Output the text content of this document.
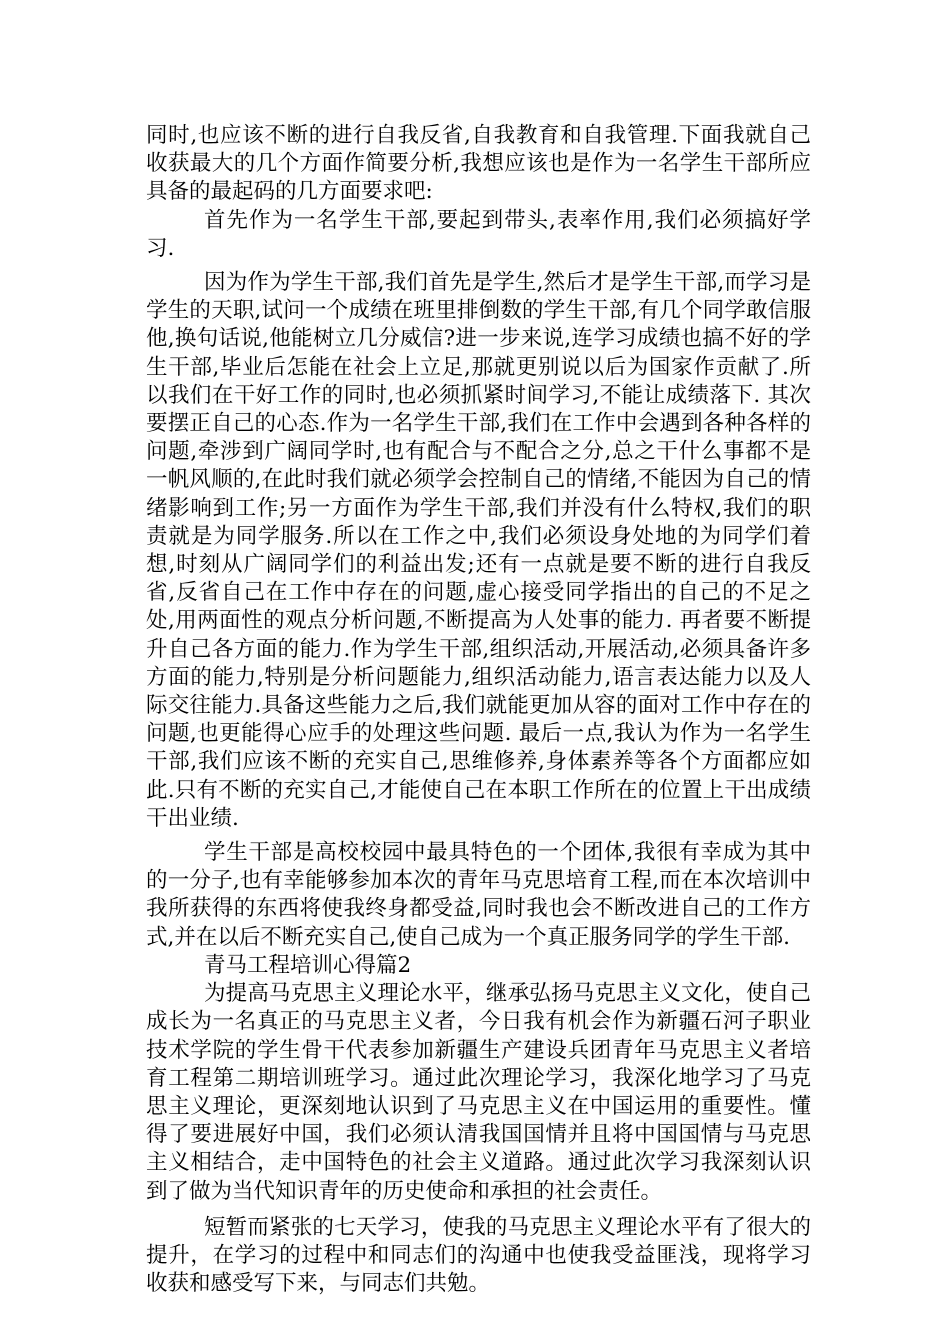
同时,也应该不断的进行自我反省,自我教育和自我管理.下面我就自己收获最大的几个方面作简要分析,我想应该也是作为一名学生干部所应具备的最起码的几方面要求吧:

首先作为一名学生干部,要起到带头,表率作用,我们必须搞好学习.

因为作为学生干部,我们首先是学生,然后才是学生干部,而学习是学生的天职,试问一个成绩在班里排倒数的学生干部,有几个同学敢信服他,换句话说,他能树立几分威信?进一步来说,连学习成绩也搞不好的学生干部,毕业后怎能在社会上立足,那就更别说以后为国家作贡献了.所以我们在干好工作的同时,也必须抓紧时间学习,不能让成绩落下. 其次要摆正自己的心态.作为一名学生干部,我们在工作中会遇到各种各样的问题,牵涉到广阔同学时,也有配合与不配合之分,总之干什么事都不是一帆风顺的,在此时我们就必须学会控制自己的情绪,不能因为自己的情绪影响到工作;另一方面作为学生干部,我们并没有什么特权,我们的职责就是为同学服务.所以在工作之中,我们必须设身处地的为同学们着想,时刻从广阔同学们的利益出发;还有一点就是要不断的进行自我反省,反省自己在工作中存在的问题,虚心接受同学指出的自己的不足之处,用两面性的观点分析问题,不断提高为人处事的能力. 再者要不断提升自己各方面的能力.作为学生干部,组织活动,开展活动,必须具备许多方面的能力,特别是分析问题能力,组织活动能力,语言表达能力以及人际交往能力.具备这些能力之后,我们就能更加从容的面对工作中存在的问题,也更能得心应手的处理这些问题. 最后一点,我认为作为一名学生干部,我们应该不断的充实自己,思维修养,身体素养等各个方面都应如此.只有不断的充实自己,才能使自己在本职工作所在的位置上干出成绩干出业绩.

学生干部是高校校园中最具特色的一个团体,我很有幸成为其中的一分子,也有幸能够参加本次的青年马克思培育工程,而在本次培训中我所获得的东西将使我终身都受益,同时我也会不断改进自己的工作方式,并在以后不断充实自己,使自己成为一个真正服务同学的学生干部.

青马工程培训心得篇2

为提高马克思主义理论水平，继承弘扬马克思主义文化，使自己成长为一名真正的马克思主义者，今日我有机会作为新疆石河子职业技术学院的学生骨干代表参加新疆生产建设兵团青年马克思主义者培育工程第二期培训班学习。通过此次理论学习，我深化地学习了马克思主义理论，更深刻地认识到了马克思主义在中国运用的重要性。懂得了要进展好中国，我们必须认清我国国情并且将中国国情与马克思主义相结合，走中国特色的社会主义道路。通过此次学习我深刻认识到了做为当代知识青年的历史使命和承担的社会责任。

短暂而紧张的七天学习，使我的马克思主义理论水平有了很大的提升，在学习的过程中和同志们的沟通中也使我受益匪浅，现将学习收获和感受写下来，与同志们共勉。
